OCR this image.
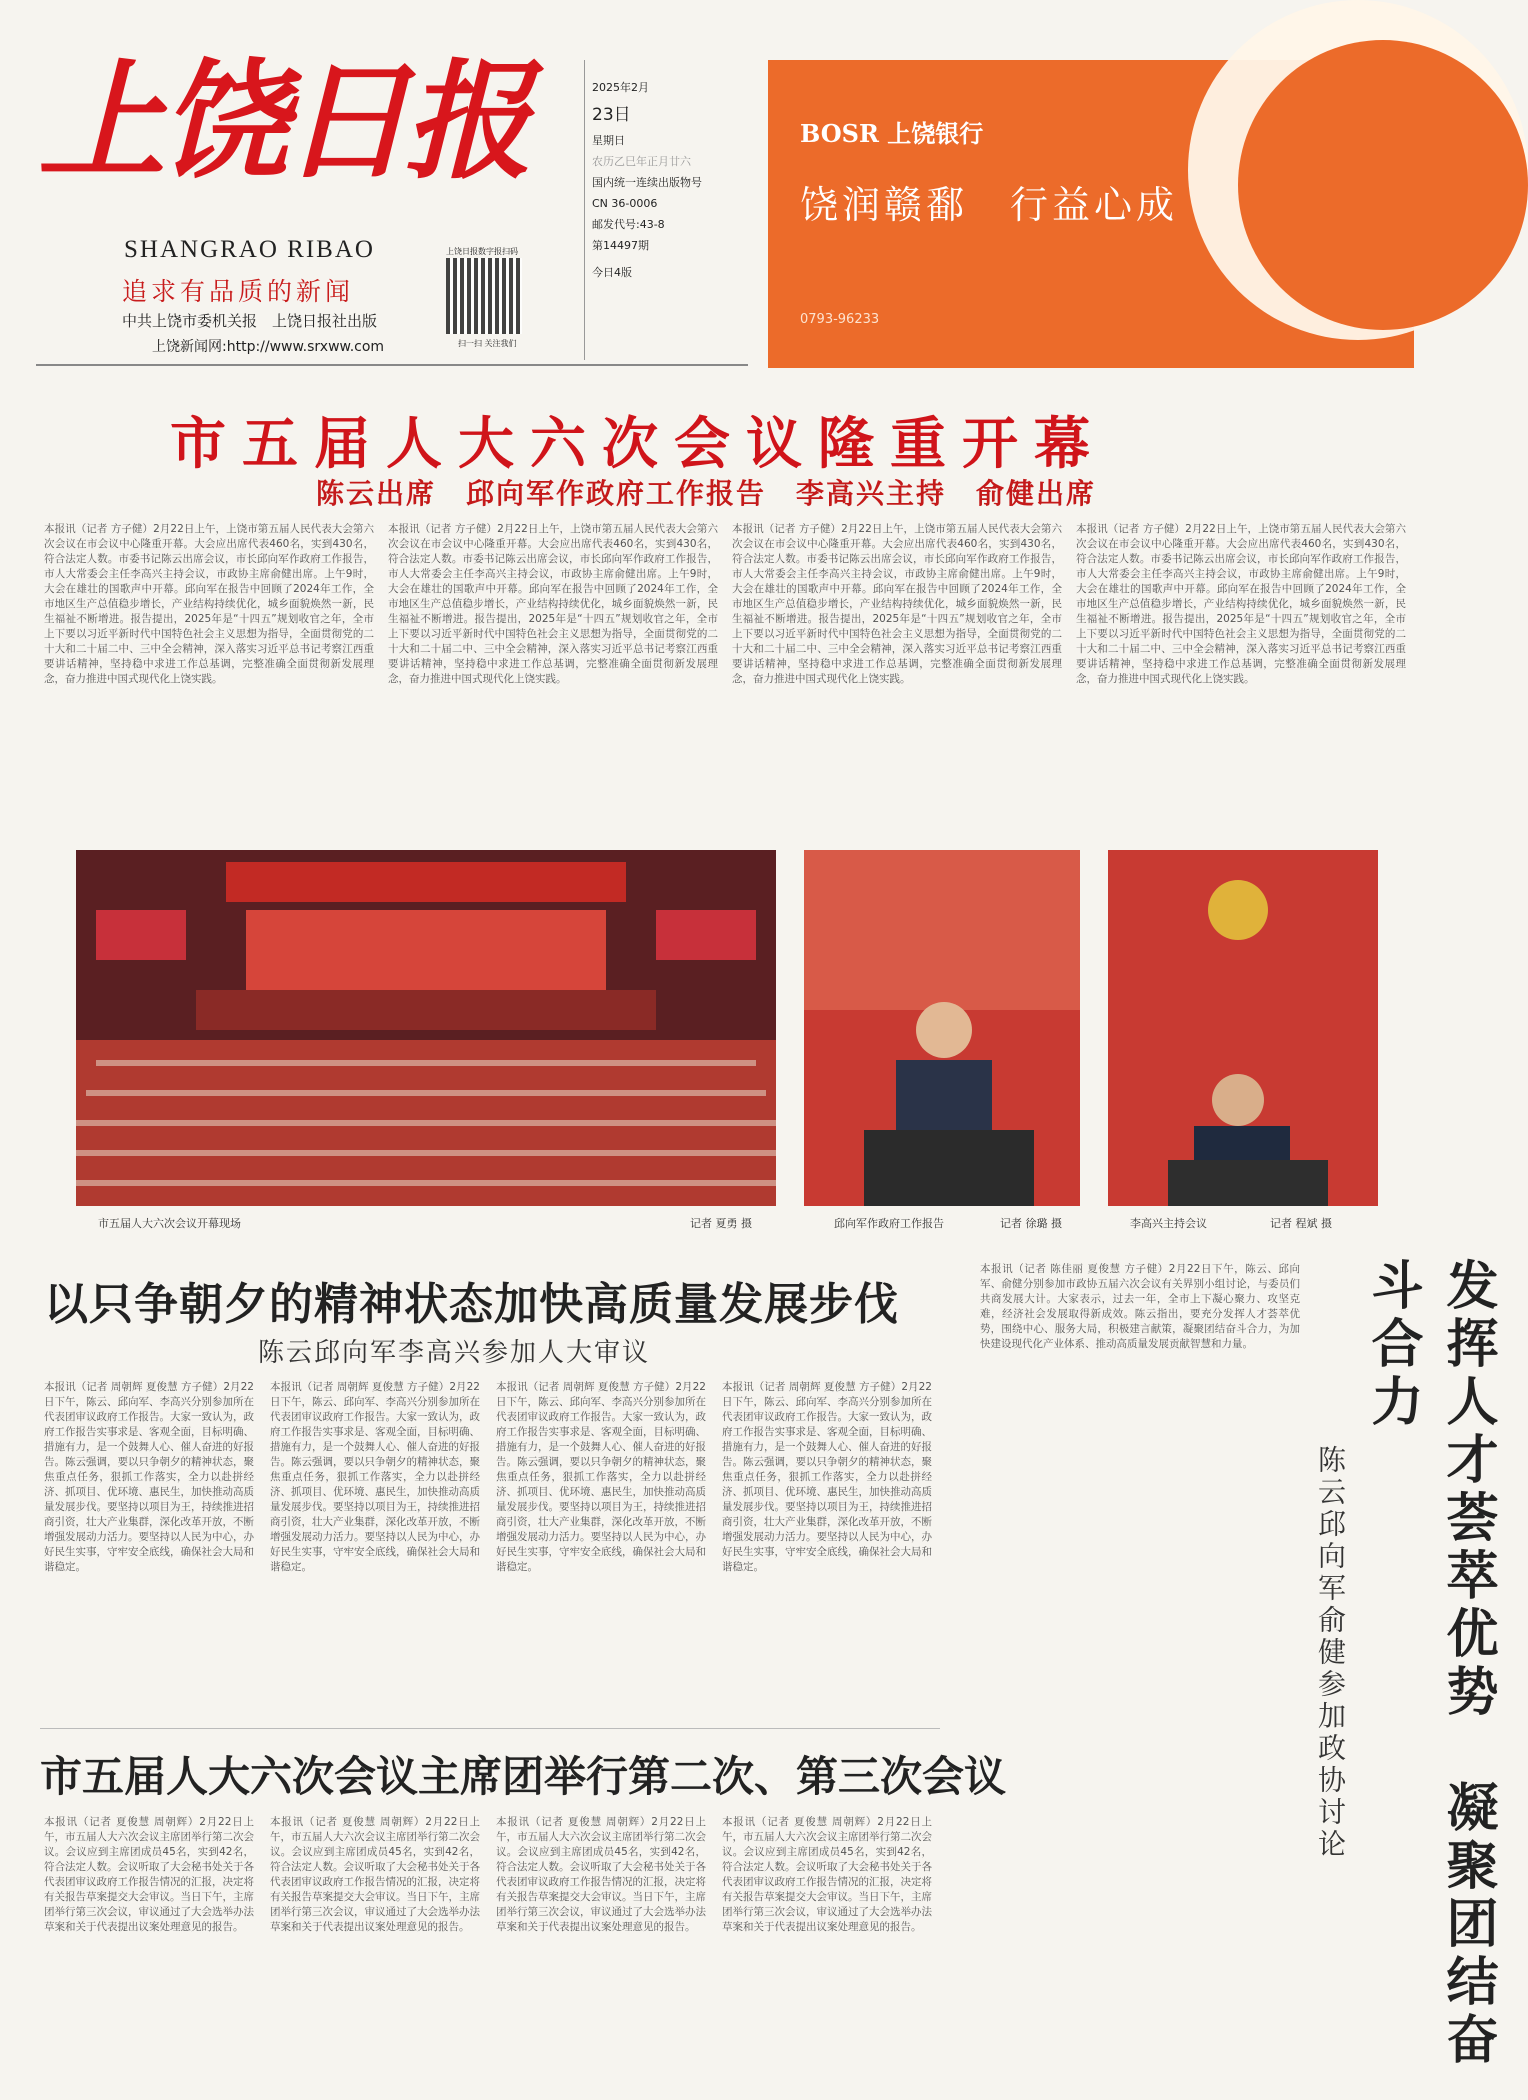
上饶日报
SHANGRAO RIBAO
追求有品质的新闻
中共上饶市委机关报　上饶日报社出版
上饶新闻网:http://www.srxww.com
上饶日报数字报扫码
扫一扫 关注我们
2025年2月
23日
星期日
农历乙巳年正月廿六
国内统一连续出版物号
CN 36-0006
邮发代号:43-8
第14497期
今日4版
BOSR 上饶银行
饶润赣鄱　行益心成
0793-96233
市五届人大六次会议隆重开幕
陈云出席　邱向军作政府工作报告　李高兴主持　俞健出席
本报讯（记者 方子健）2月22日上午，上饶市第五届人民代表大会第六次会议在市会议中心隆重开幕。大会应出席代表460名，实到430名，符合法定人数。市委书记陈云出席会议，市长邱向军作政府工作报告，市人大常委会主任李高兴主持会议，市政协主席俞健出席。上午9时，大会在雄壮的国歌声中开幕。邱向军在报告中回顾了2024年工作，全市地区生产总值稳步增长，产业结构持续优化，城乡面貌焕然一新，民生福祉不断增进。报告提出，2025年是“十四五”规划收官之年，全市上下要以习近平新时代中国特色社会主义思想为指导，全面贯彻党的二十大和二十届二中、三中全会精神，深入落实习近平总书记考察江西重要讲话精神，坚持稳中求进工作总基调，完整准确全面贯彻新发展理念，奋力推进中国式现代化上饶实践。
本报讯（记者 方子健）2月22日上午，上饶市第五届人民代表大会第六次会议在市会议中心隆重开幕。大会应出席代表460名，实到430名，符合法定人数。市委书记陈云出席会议，市长邱向军作政府工作报告，市人大常委会主任李高兴主持会议，市政协主席俞健出席。上午9时，大会在雄壮的国歌声中开幕。邱向军在报告中回顾了2024年工作，全市地区生产总值稳步增长，产业结构持续优化，城乡面貌焕然一新，民生福祉不断增进。报告提出，2025年是“十四五”规划收官之年，全市上下要以习近平新时代中国特色社会主义思想为指导，全面贯彻党的二十大和二十届二中、三中全会精神，深入落实习近平总书记考察江西重要讲话精神，坚持稳中求进工作总基调，完整准确全面贯彻新发展理念，奋力推进中国式现代化上饶实践。
本报讯（记者 方子健）2月22日上午，上饶市第五届人民代表大会第六次会议在市会议中心隆重开幕。大会应出席代表460名，实到430名，符合法定人数。市委书记陈云出席会议，市长邱向军作政府工作报告，市人大常委会主任李高兴主持会议，市政协主席俞健出席。上午9时，大会在雄壮的国歌声中开幕。邱向军在报告中回顾了2024年工作，全市地区生产总值稳步增长，产业结构持续优化，城乡面貌焕然一新，民生福祉不断增进。报告提出，2025年是“十四五”规划收官之年，全市上下要以习近平新时代中国特色社会主义思想为指导，全面贯彻党的二十大和二十届二中、三中全会精神，深入落实习近平总书记考察江西重要讲话精神，坚持稳中求进工作总基调，完整准确全面贯彻新发展理念，奋力推进中国式现代化上饶实践。
本报讯（记者 方子健）2月22日上午，上饶市第五届人民代表大会第六次会议在市会议中心隆重开幕。大会应出席代表460名，实到430名，符合法定人数。市委书记陈云出席会议，市长邱向军作政府工作报告，市人大常委会主任李高兴主持会议，市政协主席俞健出席。上午9时，大会在雄壮的国歌声中开幕。邱向军在报告中回顾了2024年工作，全市地区生产总值稳步增长，产业结构持续优化，城乡面貌焕然一新，民生福祉不断增进。报告提出，2025年是“十四五”规划收官之年，全市上下要以习近平新时代中国特色社会主义思想为指导，全面贯彻党的二十大和二十届二中、三中全会精神，深入落实习近平总书记考察江西重要讲话精神，坚持稳中求进工作总基调，完整准确全面贯彻新发展理念，奋力推进中国式现代化上饶实践。
市五届人大六次会议开幕现场	记者 夏勇 摄	邱向军作政府工作报告	记者 徐璐 摄	李高兴主持会议	记者 程斌 摄
以只争朝夕的精神状态加快高质量发展步伐
陈云邱向军李高兴参加人大审议
本报讯（记者 周朝辉 夏俊慧 方子健）2月22日下午，陈云、邱向军、李高兴分别参加所在代表团审议政府工作报告。大家一致认为，政府工作报告实事求是、客观全面，目标明确、措施有力，是一个鼓舞人心、催人奋进的好报告。陈云强调，要以只争朝夕的精神状态，聚焦重点任务，狠抓工作落实，全力以赴拼经济、抓项目、优环境、惠民生，加快推动高质量发展步伐。要坚持以项目为王，持续推进招商引资，壮大产业集群，深化改革开放，不断增强发展动力活力。要坚持以人民为中心，办好民生实事，守牢安全底线，确保社会大局和谐稳定。
本报讯（记者 周朝辉 夏俊慧 方子健）2月22日下午，陈云、邱向军、李高兴分别参加所在代表团审议政府工作报告。大家一致认为，政府工作报告实事求是、客观全面，目标明确、措施有力，是一个鼓舞人心、催人奋进的好报告。陈云强调，要以只争朝夕的精神状态，聚焦重点任务，狠抓工作落实，全力以赴拼经济、抓项目、优环境、惠民生，加快推动高质量发展步伐。要坚持以项目为王，持续推进招商引资，壮大产业集群，深化改革开放，不断增强发展动力活力。要坚持以人民为中心，办好民生实事，守牢安全底线，确保社会大局和谐稳定。
本报讯（记者 周朝辉 夏俊慧 方子健）2月22日下午，陈云、邱向军、李高兴分别参加所在代表团审议政府工作报告。大家一致认为，政府工作报告实事求是、客观全面，目标明确、措施有力，是一个鼓舞人心、催人奋进的好报告。陈云强调，要以只争朝夕的精神状态，聚焦重点任务，狠抓工作落实，全力以赴拼经济、抓项目、优环境、惠民生，加快推动高质量发展步伐。要坚持以项目为王，持续推进招商引资，壮大产业集群，深化改革开放，不断增强发展动力活力。要坚持以人民为中心，办好民生实事，守牢安全底线，确保社会大局和谐稳定。
本报讯（记者 周朝辉 夏俊慧 方子健）2月22日下午，陈云、邱向军、李高兴分别参加所在代表团审议政府工作报告。大家一致认为，政府工作报告实事求是、客观全面，目标明确、措施有力，是一个鼓舞人心、催人奋进的好报告。陈云强调，要以只争朝夕的精神状态，聚焦重点任务，狠抓工作落实，全力以赴拼经济、抓项目、优环境、惠民生，加快推动高质量发展步伐。要坚持以项目为王，持续推进招商引资，壮大产业集群，深化改革开放，不断增强发展动力活力。要坚持以人民为中心，办好民生实事，守牢安全底线，确保社会大局和谐稳定。
市五届人大六次会议主席团举行第二次、第三次会议
本报讯（记者 夏俊慧 周朝辉）2月22日上午，市五届人大六次会议主席团举行第二次会议。会议应到主席团成员45名，实到42名，符合法定人数。会议听取了大会秘书处关于各代表团审议政府工作报告情况的汇报，决定将有关报告草案提交大会审议。当日下午，主席团举行第三次会议，审议通过了大会选举办法草案和关于代表提出议案处理意见的报告。
本报讯（记者 夏俊慧 周朝辉）2月22日上午，市五届人大六次会议主席团举行第二次会议。会议应到主席团成员45名，实到42名，符合法定人数。会议听取了大会秘书处关于各代表团审议政府工作报告情况的汇报，决定将有关报告草案提交大会审议。当日下午，主席团举行第三次会议，审议通过了大会选举办法草案和关于代表提出议案处理意见的报告。
本报讯（记者 夏俊慧 周朝辉）2月22日上午，市五届人大六次会议主席团举行第二次会议。会议应到主席团成员45名，实到42名，符合法定人数。会议听取了大会秘书处关于各代表团审议政府工作报告情况的汇报，决定将有关报告草案提交大会审议。当日下午，主席团举行第三次会议，审议通过了大会选举办法草案和关于代表提出议案处理意见的报告。
本报讯（记者 夏俊慧 周朝辉）2月22日上午，市五届人大六次会议主席团举行第二次会议。会议应到主席团成员45名，实到42名，符合法定人数。会议听取了大会秘书处关于各代表团审议政府工作报告情况的汇报，决定将有关报告草案提交大会审议。当日下午，主席团举行第三次会议，审议通过了大会选举办法草案和关于代表提出议案处理意见的报告。
本报讯（记者 陈佳丽 夏俊慧 方子健）2月22日下午，陈云、邱向军、俞健分别参加市政协五届六次会议有关界别小组讨论，与委员们共商发展大计。大家表示，过去一年，全市上下凝心聚力、攻坚克难，经济社会发展取得新成效。陈云指出，要充分发挥人才荟萃优势，围绕中心、服务大局，积极建言献策，凝聚团结奋斗合力，为加快建设现代化产业体系、推动高质量发展贡献智慧和力量。	发挥人才荟萃优势　凝聚团结奋斗合力
陈云邱向军俞健参加政协讨论
